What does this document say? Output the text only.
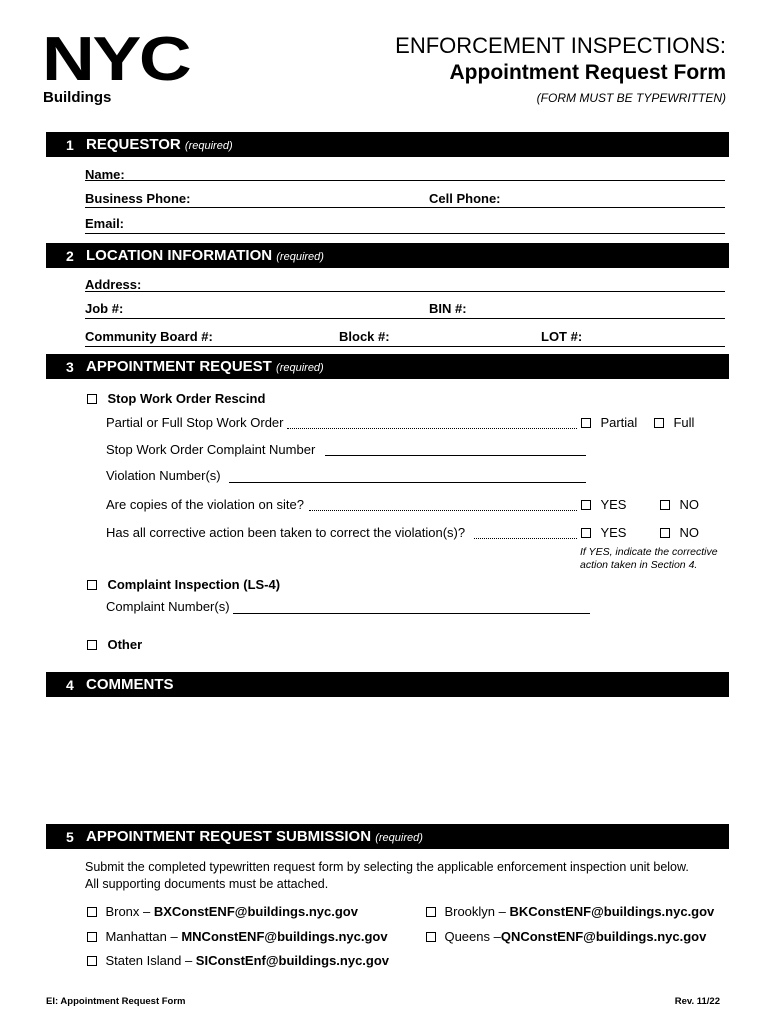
NYC
Buildings
ENFORCEMENT INSPECTIONS:
Appointment Request Form
(FORM MUST BE TYPEWRITTEN)
1 REQUESTOR (required)
Name:
Business Phone:	Cell Phone:
Email:
2 LOCATION INFORMATION (required)
Address:
Job #:	BIN #:
Community Board #:	Block #:	LOT #:
3 APPOINTMENT REQUEST (required)
Stop Work Order Rescind
Partial or Full Stop Work Order	Partial	Full
Stop Work Order Complaint Number
Violation Number(s)
Are copies of the violation on site?	YES	NO
Has all corrective action been taken to correct the violation(s)?	YES	NO
If YES, indicate the corrective
action taken in Section 4.
Complaint Inspection (LS-4)
Complaint Number(s)
Other
4 COMMENTS
5 APPOINTMENT REQUEST SUBMISSION (required)
Submit the completed typewritten request form by selecting the applicable enforcement inspection unit below.
All supporting documents must be attached.
Bronx – BXConstENF@buildings.nyc.gov	Brooklyn – BKConstENF@buildings.nyc.gov
Manhattan – MNConstENF@buildings.nyc.gov	Queens –QNConstENF@buildings.nyc.gov
Staten Island – SIConstEnf@buildings.nyc.gov
EI: Appointment Request Form	Rev. 11/22
